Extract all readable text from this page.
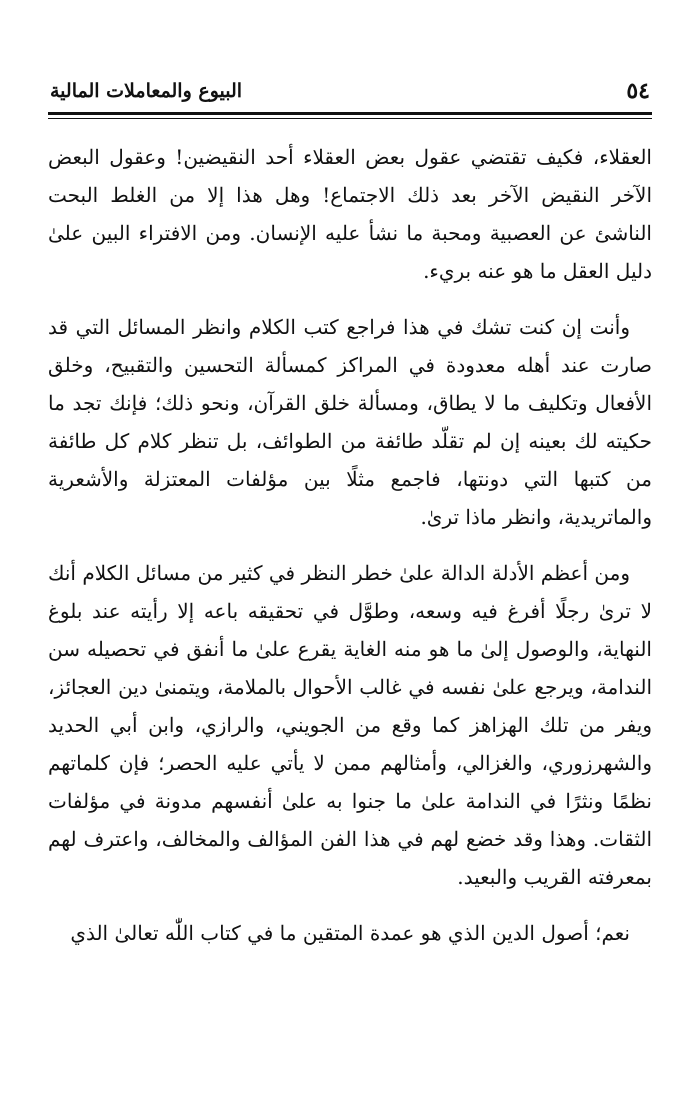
٥٤
البيوع والمعاملات المالية

العقلاء، فكيف تقتضي عقول بعض العقلاء أحد النقيضين! وعقول البعض الآخر النقيض الآخر بعد ذلك الاجتماع! وهل هذا إلا من الغلط البحت الناشئ عن العصبية ومحبة ما نشأ عليه الإنسان. ومن الافتراء البين علىٰ دليل العقل ما هو عنه بريء.

وأنت إن كنت تشك في هذا فراجع كتب الكلام وانظر المسائل التي قد صارت عند أهله معدودة في المراكز كمسألة التحسين والتقبيح، وخلق الأفعال وتكليف ما لا يطاق، ومسألة خلق القرآن، ونحو ذلك؛ فإنك تجد ما حكيته لك بعينه إن لم تقلّد طائفة من الطوائف، بل تنظر كلام كل طائفة من كتبها التي دونتها، فاجمع مثلًا بين مؤلفات المعتزلة والأشعرية والماتريدية، وانظر ماذا ترىٰ.

ومن أعظم الأدلة الدالة علىٰ خطر النظر في كثير من مسائل الكلام أنك لا ترىٰ رجلًا أفرغ فيه وسعه، وطوَّل في تحقيقه باعه إلا رأيته عند بلوغ النهاية، والوصول إلىٰ ما هو منه الغاية يقرع علىٰ ما أنفق في تحصيله سن الندامة، ويرجع علىٰ نفسه في غالب الأحوال بالملامة، ويتمنىٰ دين العجائز، ويفر من تلك الهزاهز كما وقع من الجويني، والرازي، وابن أبي الحديد والشهرزوري، والغزالي، وأمثالهم ممن لا يأتي عليه الحصر؛ فإن كلماتهم نظمًا ونثرًا في الندامة علىٰ ما جنوا به علىٰ أنفسهم مدونة في مؤلفات الثقات. وهذا وقد خضع لهم في هذا الفن المؤالف والمخالف، واعترف لهم بمعرفته القريب والبعيد.

نعم؛ أصول الدين الذي هو عمدة المتقين ما في كتاب اللّٰه تعالىٰ الذي
